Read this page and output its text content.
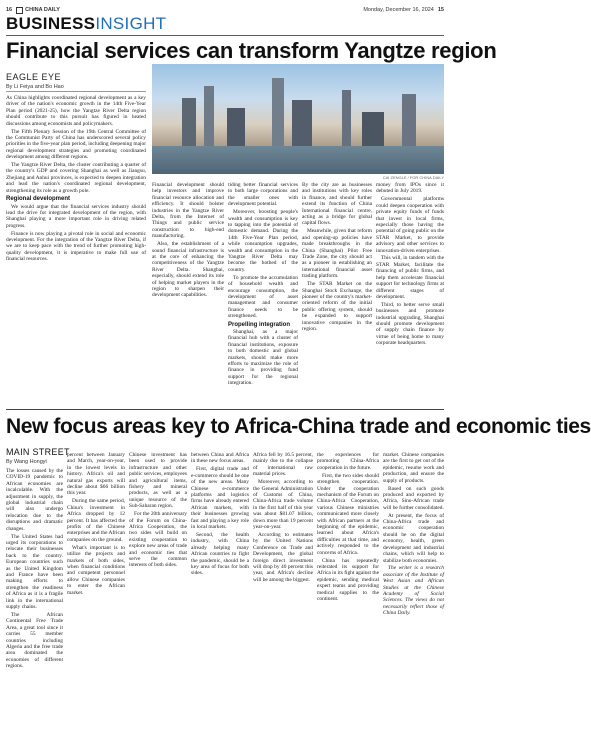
16 CHINA DAILY	Monday, December 16, 2024 15
BUSINESSINSIGHT
Financial services can transform Yangtze region
EAGLE EYE
By Li Feiya and Bo Hao
CAI ZENGLE / FOR CHINA DAILY

As China highlights coordinated regional development as a key driver of the nation's economic growth in the 14th Five-Year Plan period (2021-25), how the Yangtze River Delta region should contribute to this pursuit has figured in heated discussions among economists and policymakers.

The Fifth Plenary Session of the 19th Central Committee of the Communist Party of China has underscored several policy priorities in the five-year plan period, including deepening major regional development strategies and promoting coordinated development among different regions.

The Yangtze River Delta, the cluster contributing a quarter of the country's GDP and covering Shanghai as well as Jiangsu, Zhejiang and Anhui provinces, is expected to deepen integration and lead the nation's coordinated regional development, strengthening its role as a growth pole.

Regional development

We would argue that the financial services industry should lead the drive for integrated development of the region, with Shanghai playing a more important role in driving related progress.

Finance is now playing a pivotal role in social and economic development. For the integration of the Yangtze River Delta, if we are to keep pace with the trend of further promoting high-quality development, it is imperative to make full use of financial resources.

Financial development should help investors and improve financial resource allocation and efficiency. It should bolster industries in the Yangtze River Delta, from the Internet of Things and public service construction to high-end manufacturing.

Also, the establishment of a sound financial infrastructure is at the core of enhancing the competitiveness of the Yangtze River Delta. Shanghai, especially, should extend its role of helping market players in the region to sharpen their development capabilities.

tiding better financial services to both large corporations and the smaller ones with development potential.

Moreover, boosting people's wealth and consumption is key to tapping into the potential of domestic demand. During the 14th Five-Year Plan period, while consumption upgrades, wealth and consumption in the Yangtze River Delta may become the hotbed of the country.

To promote the accumulation of household wealth and encourage consumption, the development of asset management and consumer finance needs to be strengthened.

Propelling integration

Shanghai, as a major financial hub with a cluster of financial institutions, exposure to both domestic and global markets, should make more efforts to maximize the role of finance in providing fund support for the regional integration.

By the city are as businesses and institutions with key roles in finance, and should further extend its function of China International financial centre, acting as a bridge for global capital flows.

Meanwhile, given that reform and opening-up policies have made breakthroughs in the China (Shanghai) Pilot Free Trade Zone, the city should act as a pioneer in establishing an international financial asset trading platform.

The STAR Market on the Shanghai Stock Exchange, the pioneer of the country's market-oriented reform of the initial public offering system, should be expanded to support innovative companies in the region.

money from IPOs since it debuted in July 2019.

Governmental platforms could deepen cooperation with private equity funds of funds that invest in local firms, especially those having the potential of going public on the STAR Market, to provide advisory and other services to innovation-driven enterprises.

This will, in tandem with the STAR Market, facilitate the financing of public firms, and help them accelerate financial support for technology firms at different stages of development.

Third, to better serve small businesses and promote industrial upgrading, Shanghai should promote development of supply chain finance by virtue of being home to many corporate headquarters.

New focus areas key to Africa-China trade and economic ties
MAIN STREET
By Wang Hongyi

The losses caused by the COVID-19 pandemic to African economies are incalculable. With the adjustment in supply, the global industrial chain will also undergo relocation due to the disruptions and dramatic changes.

The United States had urged its corporations to relocate their businesses back to the country. European countries such as the United Kingdom and France have been making efforts to strengthen the readiness of Africa as it is a fragile link in the international supply chains.

The African Continental Free Trade Area, a great tool since it carries 55 member countries including Algeria and the free trade area dominated the economies of different regions.

percent between January and March, year-on-year, in the lowest levels in history. Africa's oil and natural gas exports will decline about $66 billion this year.

During the same period, China's investment in Africa dropped by 12 percent. It has affected the profits of the Chinese enterprises and the African companies on the ground.

What's important is to utilize the projects and markets of both sides, when financial conditions and competent personnel allow Chinese companies to enter the African market.

Chinese investment has been used to provide infrastructure and other public services, employees and agricultural items, fishery and mineral products, as well as a unique resource of the Sub-Saharan region.

For the 20th anniversary of the Forum on China-Africa Cooperation, the two sides will build on existing cooperation to explore new areas of trade and economic ties that serve the common interests of both sides.

between China and Africa in these new focus areas.

First, digital trade and e-commerce should be one of the new areas. Many Chinese e-commerce platforms and logistics firms have already entered African markets, with their businesses growing fast and playing a key role in local markets.

Second, the health industry, with China already helping many African countries to fight the pandemic, should be a key area of focus for both sides.

Africa fell by 16.5 percent, mainly due to the collapse of international raw material prices.

Moreover, according to the General Administration of Customs of China, China-Africa trade volume in the first half of this year was about $81.07 billion, down more than 19 percent year-on-year.

According to estimates by the United Nations Conference on Trade and Development, the global foreign direct investment will drop by 40 percent this year, and Africa's decline will be among the biggest.

the experiences for promoting China-Africa cooperation in the future.

First, the two sides should strengthen cooperation. Under the cooperation mechanism of the Forum on China-Africa Cooperation, various Chinese ministries communicated more closely with African partners at the beginning of the epidemic, learned about Africa's difficulties at that time, and actively responded to the concerns of Africa.

China has repeatedly reiterated its support for Africa in its fight against the epidemic, sending medical expert teams and providing medical supplies to the continent.

market. Chinese companies are the first to get out of the epidemic, resume work and production, and ensure the supply of products.

Based on such goods produced and exported by Africa, Sino-African trade will be further consolidated.

At present, the focus of China-Africa trade and economic cooperation should be on the digital economy, health, green development and industrial chains, which will help to stabilize both economies.

The writer is a research associate of the Institute of West Asian and African Studies at the Chinese Academy of Social Sciences. The views do not necessarily reflect those of China Daily.
